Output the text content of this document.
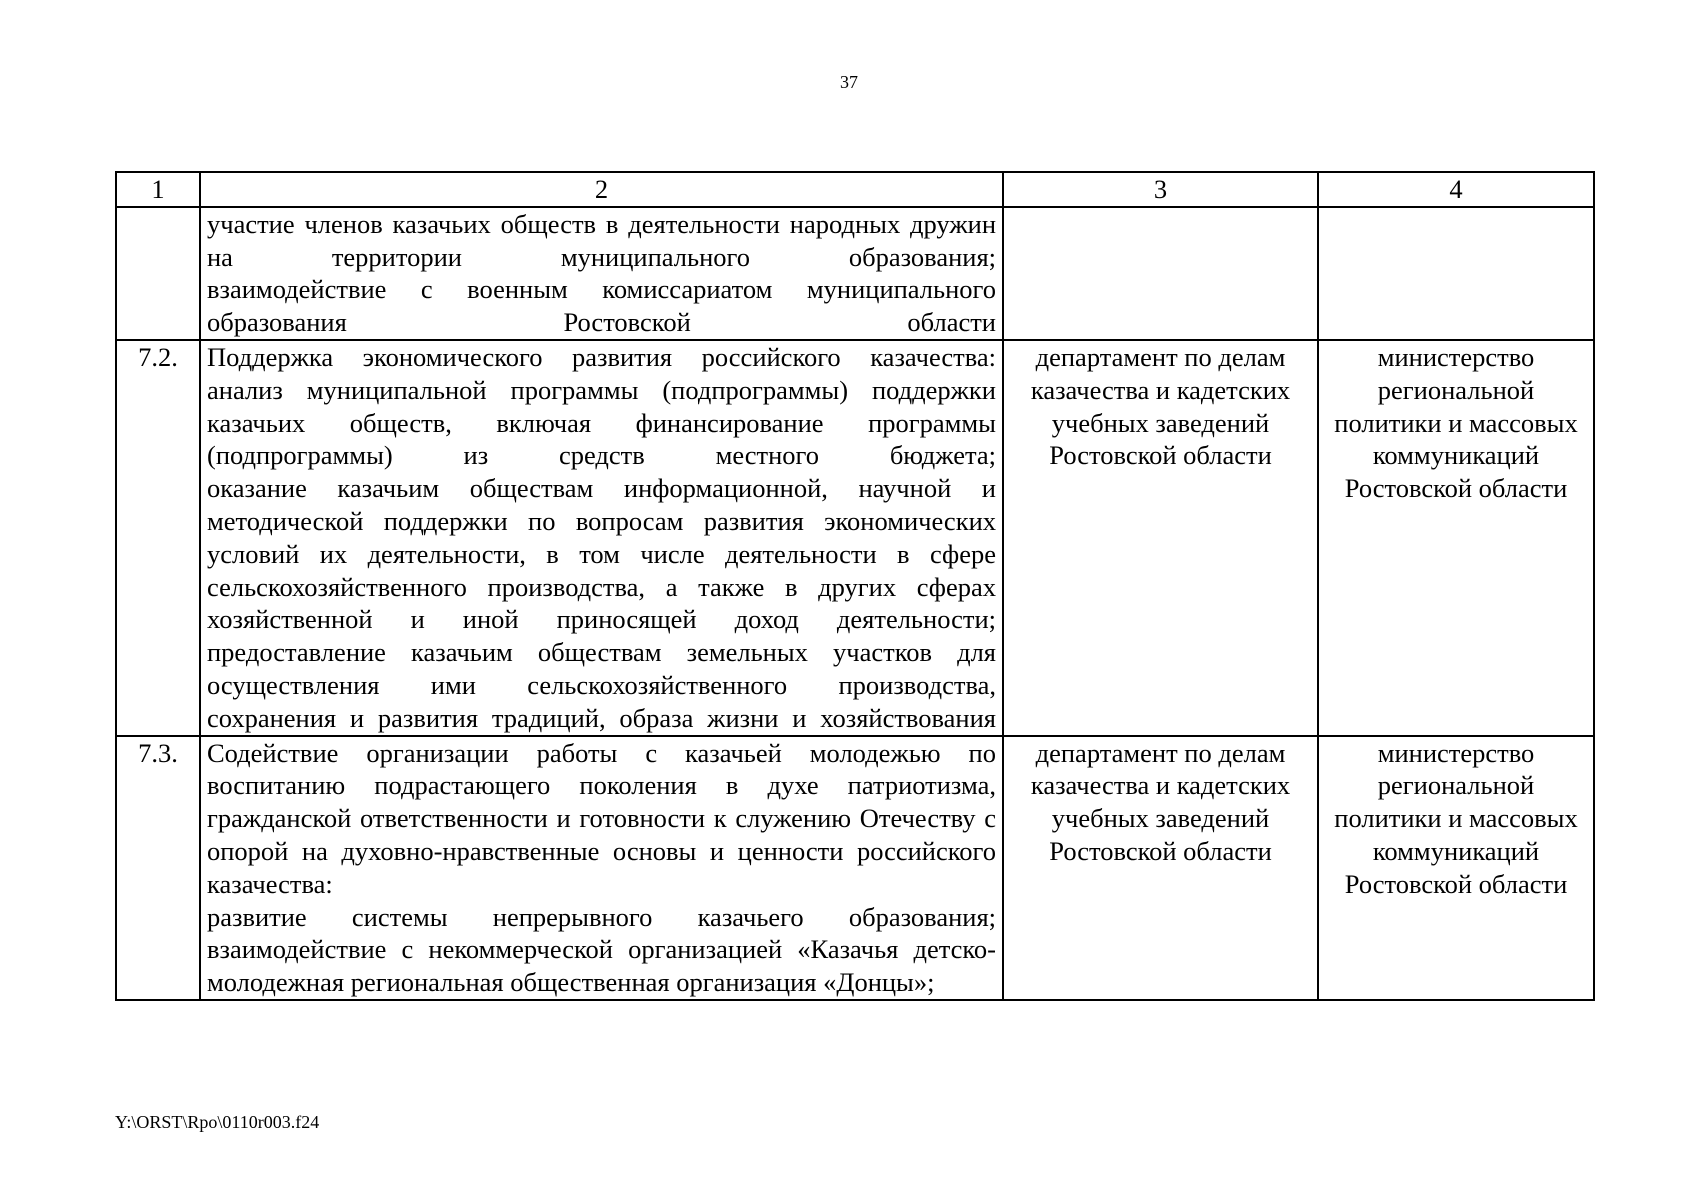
37
1	2	3	4

	участие членов казачьих обществ в деятельности народных дружин на территории муниципального образования;
взаимодействие с военным комиссариатом муниципального образования Ростовской области		

7.2.	Поддержка экономического развития российского казачества:
анализ муниципальной программы (подпрограммы) поддержки казачьих обществ, включая финансирование программы (подпрограммы) из средств местного бюджета;
оказание казачьим обществам информационной, научной и методической поддержки по вопросам развития экономических условий их деятельности, в том числе деятельности в сфере сельскохозяйственного производства, а также в других сферах хозяйственной и иной приносящей доход деятельности;
предоставление казачьим обществам земельных участков для осуществления ими сельскохозяйственного производства, сохранения и развития традиций, образа жизни и хозяйствования	департамент по делам казачества и кадетских учебных заведений Ростовской области	министерство региональной политики и массовых коммуникаций Ростовской области
7.3.	Содействие организации работы с казачьей молодежью по воспитанию подрастающего поколения в духе патриотизма, гражданской ответственности и готовности к служению Отечеству с опорой на духовно-нравственные основы и ценности российского казачества:
развитие системы непрерывного казачьего образования;
взаимодействие с некоммерческой организацией «Казачья детско-молодежная региональная общественная организация «Донцы»;	департамент по делам казачества и кадетских учебных заведений Ростовской области	министерство региональной политики и массовых коммуникаций Ростовской области
Y:\ORST\Rpo\0110r003.f24
